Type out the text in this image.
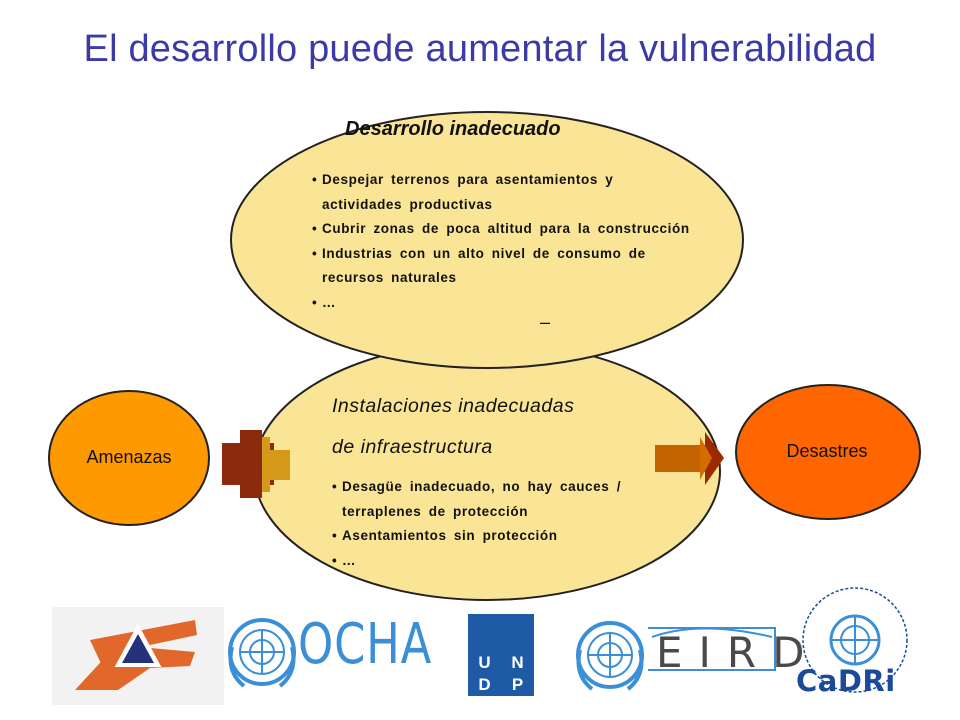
El desarrollo puede aumentar la vulnerabilidad
Desarrollo inadecuado
• Despejar terrenos para asentamientos y
actividades productivas
• Cubrir zonas de poca altitud para la construcción
• Industrias con un alto nivel de consumo de
recursos naturales
• …
–
Instalaciones inadecuadas
de infraestructura
• Desagüe inadecuado, no hay cauces /
terraplenes de protección
• Asentamientos sin protección
• …
Amenazas	Desastres
OCHA	U	N
D	P
EIRD
CaDRi
